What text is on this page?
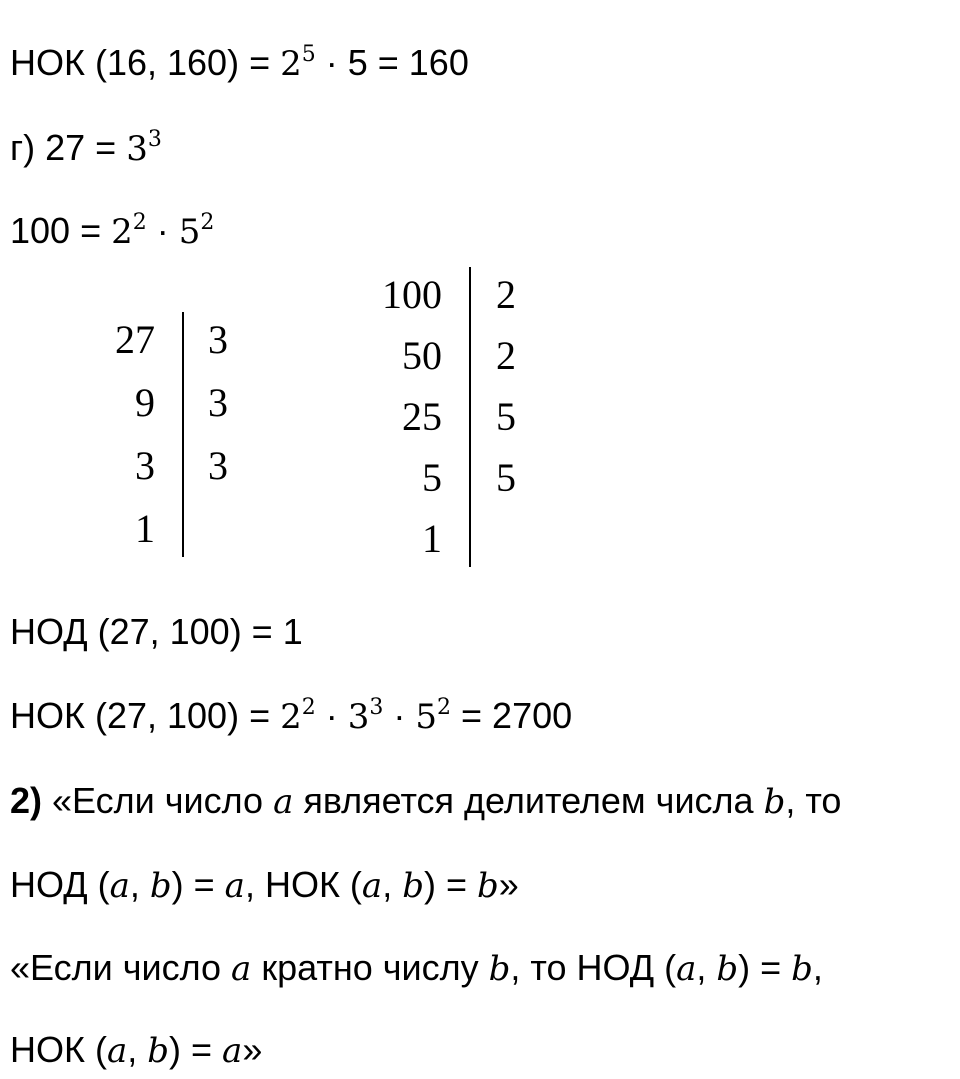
НОК (16, $160) = 2^5 \cdot 5 = 160$
г) $27 = 3^3$
$100 = 2^2 \cdot 5^2$
27 3
9 3
3 3
1
100 2
50 2
25 5
5 5
1
НОД (27, 100) = 1
НОК (27, $100) = 2^2 \cdot 3^3 \cdot 5^2 = 2700$
2) «Если число a является делителем числа b, то
НОД (a, b) = a, НОК (a, b) = b»
«Если число a кратно числу b, то НОД (a, b) = b,
НОК (a, b) = a»
